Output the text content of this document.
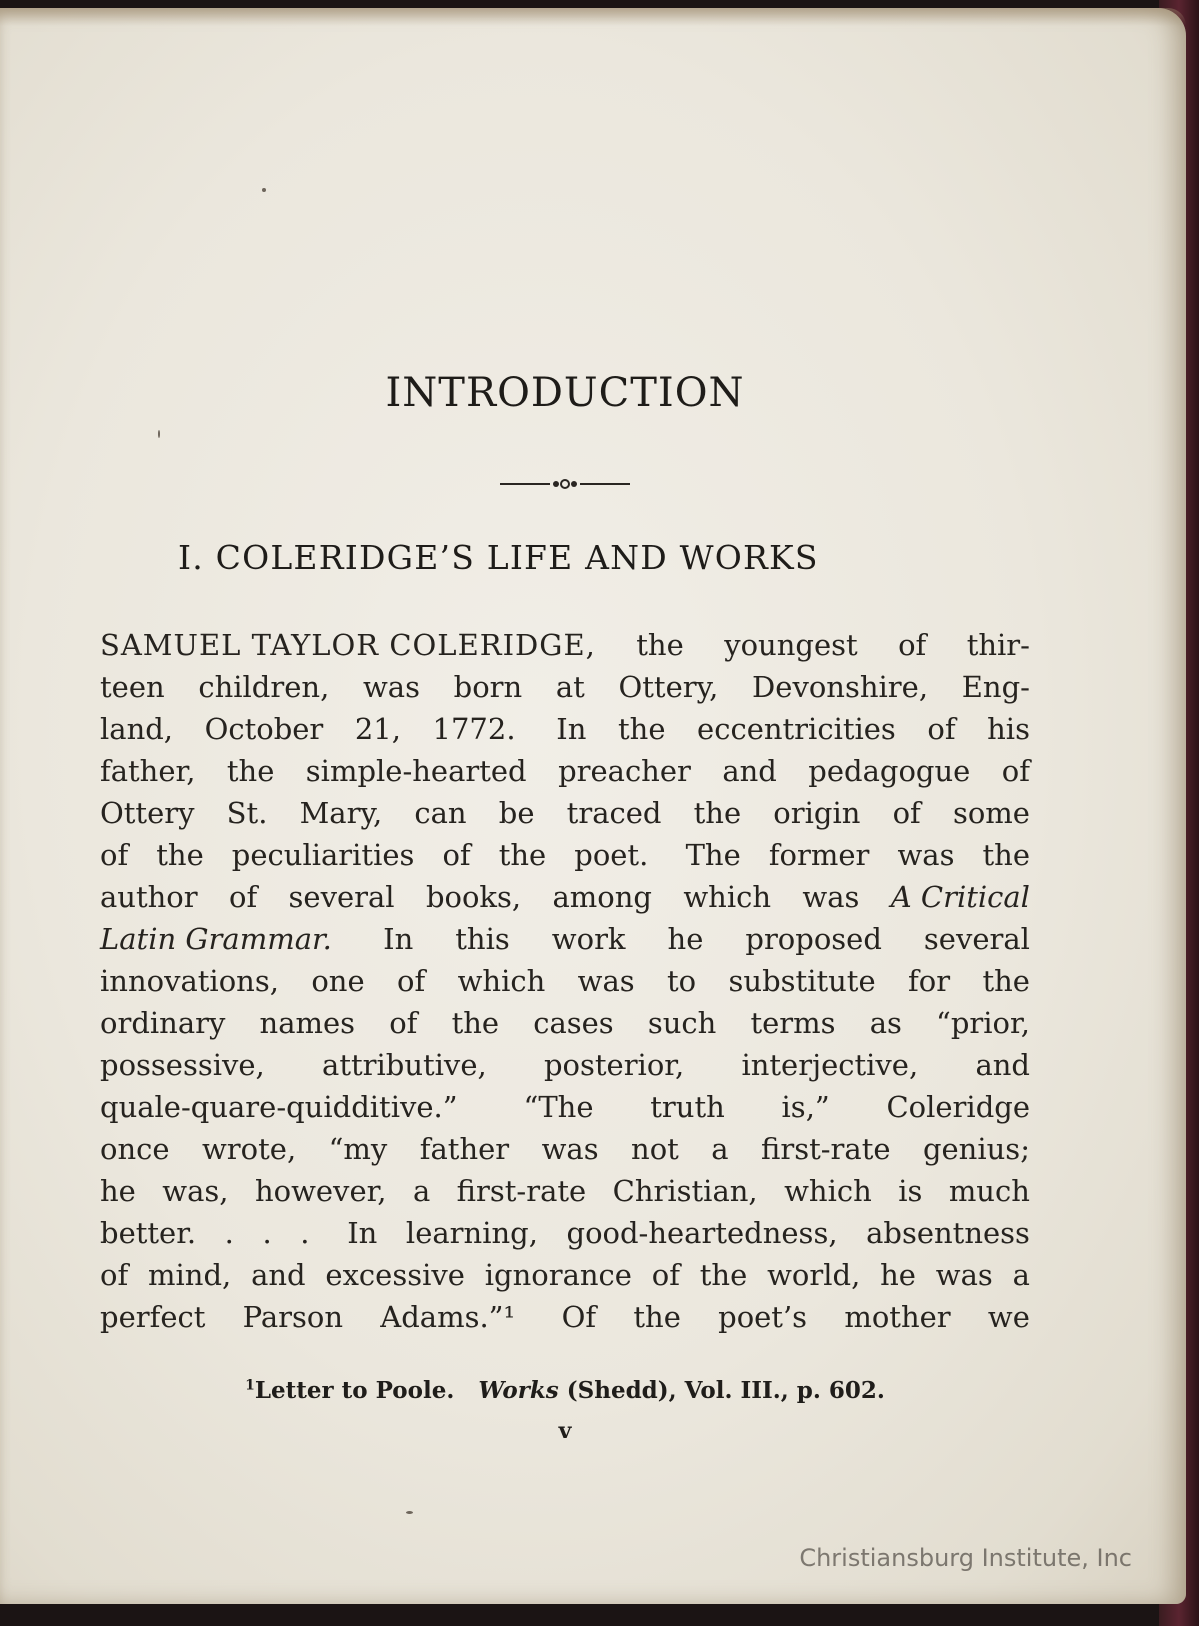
INTRODUCTION
I. COLERIDGE’S LIFE AND WORKS
SAMUEL TAYLOR COLERIDGE, the youngest of thir-
teen children, was born at Ottery, Devonshire, Eng-
land, October 21, 1772. In the eccentricities of his
father, the simple-hearted preacher and pedagogue of
Ottery St. Mary, can be traced the origin of some
of the peculiarities of the poet. The former was the
author of several books, among which was A Critical
Latin Grammar. In this work he proposed several
innovations, one of which was to substitute for the
ordinary names of the cases such terms as “prior,
possessive, attributive, posterior, interjective, and
quale-quare-quidditive.” “The truth is,” Coleridge
once wrote, “my father was not a first-rate genius;
he was, however, a first-rate Christian, which is much
better. . . . In learning, good-heartedness, absentness
of mind, and excessive ignorance of the world, he was a
perfect Parson Adams.”¹ Of the poet’s mother we
$^1$Letter to Poole. Works (Shedd), Vol. III., p. 602.
v
Christiansburg Institute, Inc
